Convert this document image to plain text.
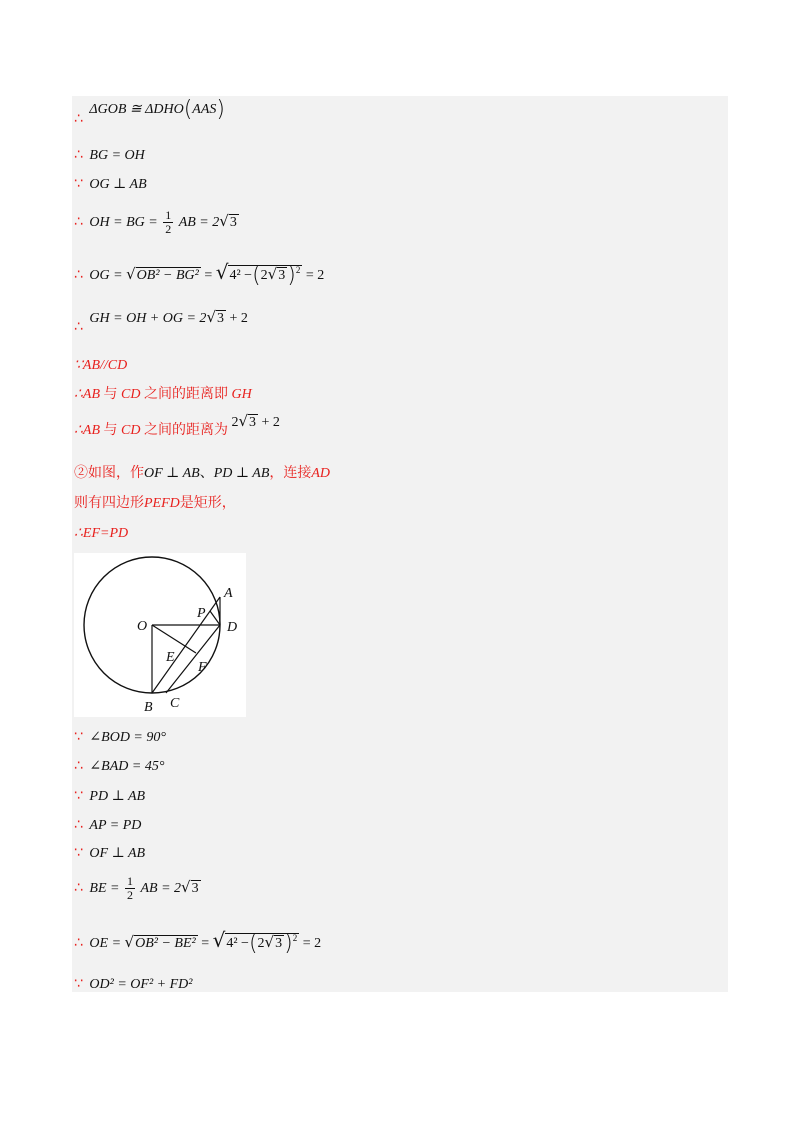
∴ ΔGOB ≅ ΔDHO(AAS)
∴ BG = OH
∵ OG ⊥ AB
∴ OH = BG = $\frac{1}{2}$ AB = 2√3
∴ OG = $√OB^2 - BG^2 = √4^2 -(2√3)^2 = 2$
∴ GH = OH + OG = 2√3 + 2
∵AB//CD
∴AB 与 CD 之间的距离即 GH
∴AB 与 CD 之间的距离为 2√3 + 2
②如图，作OF ⊥ AB、PD ⊥ AB，连接AD
则有四边形PEFD是矩形，
∴EF=PD
O
A
P
D
E
F
B C
∵ ∠BOD = 90°
∴ ∠BAD = 45°
∵ PD ⊥ AB
∴ AP = PD
∵ OF ⊥ AB
∴ BE = $\frac{1}{2}$ AB = 2√3
∴ OE = $√OB^2 - BE^2 = √4^2 -(2√3)^2 = 2$
∵ OD² = OF² + FD²
